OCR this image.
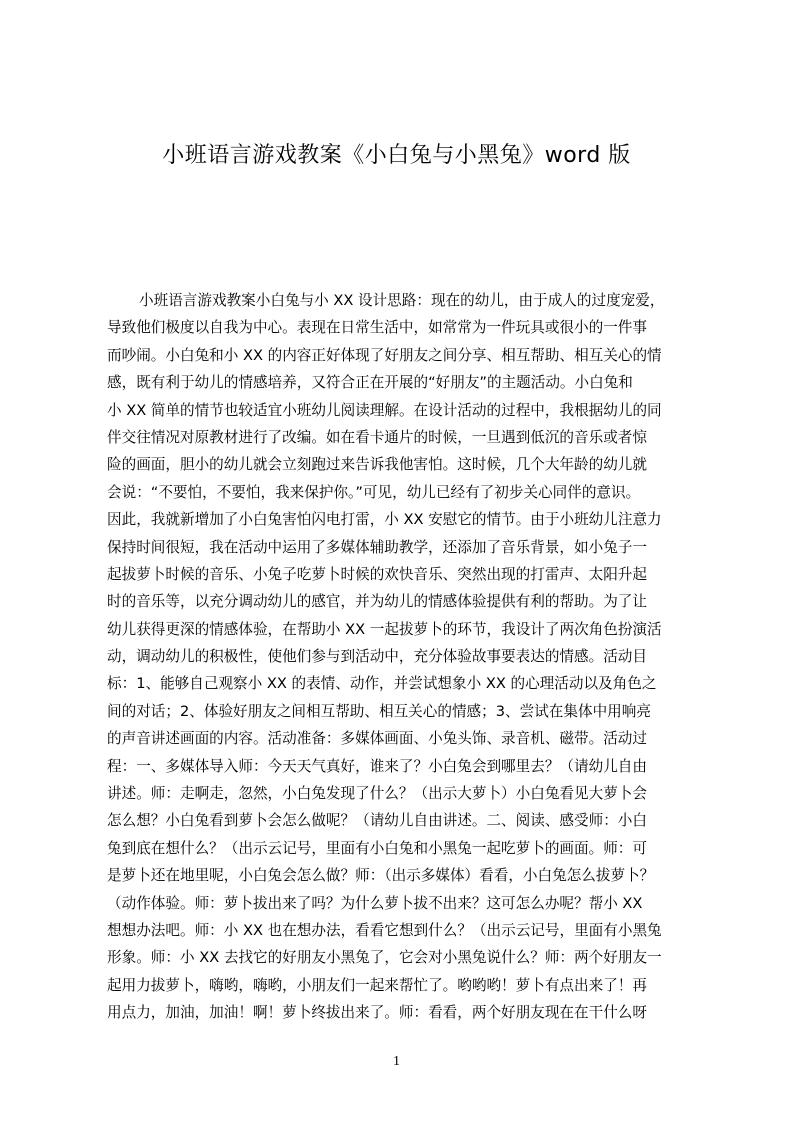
小班语言游戏教案《小白兔与小黑兔》word 版
小班语言游戏教案小白兔与小 XX 设计思路：现在的幼儿，由于成人的过度宠爱，
导致他们极度以自我为中心。表现在日常生活中，如常常为一件玩具或很小的一件事
而吵闹。小白兔和小 XX 的内容正好体现了好朋友之间分享、相互帮助、相互关心的情
感，既有利于幼儿的情感培养，又符合正在开展的“好朋友”的主题活动。小白兔和
小 XX 简单的情节也较适宜小班幼儿阅读理解。在设计活动的过程中，我根据幼儿的同
伴交往情况对原教材进行了改编。如在看卡通片的时候，一旦遇到低沉的音乐或者惊
险的画面，胆小的幼儿就会立刻跑过来告诉我他害怕。这时候，几个大年龄的幼儿就
会说：“不要怕，不要怕，我来保护你。”可见，幼儿已经有了初步关心同伴的意识。
因此，我就新增加了小白兔害怕闪电打雷，小 XX 安慰它的情节。由于小班幼儿注意力
保持时间很短，我在活动中运用了多媒体辅助教学，还添加了音乐背景，如小兔子一
起拔萝卜时候的音乐、小兔子吃萝卜时候的欢快音乐、突然出现的打雷声、太阳升起
时的音乐等，以充分调动幼儿的感官，并为幼儿的情感体验提供有利的帮助。为了让
幼儿获得更深的情感体验，在帮助小 XX 一起拔萝卜的环节，我设计了两次角色扮演活
动，调动幼儿的积极性，使他们参与到活动中，充分体验故事要表达的情感。活动目
标：1、能够自己观察小 XX 的表情、动作，并尝试想象小 XX 的心理活动以及角色之
间的对话；2、体验好朋友之间相互帮助、相互关心的情感；3、尝试在集体中用响亮
的声音讲述画面的内容。活动准备：多媒体画面、小兔头饰、录音机、磁带。活动过
程：一、多媒体导入师：今天天气真好，谁来了？小白兔会到哪里去？（请幼儿自由
讲述。师：走啊走，忽然，小白兔发现了什么？（出示大萝卜）小白兔看见大萝卜会
怎么想？小白兔看到萝卜会怎么做呢？（请幼儿自由讲述。二、阅读、感受师：小白
兔到底在想什么？（出示云记号，里面有小白兔和小黑兔一起吃萝卜的画面。师：可
是萝卜还在地里呢，小白兔会怎么做？师：（出示多媒体）看看，小白兔怎么拔萝卜？
（动作体验。师：萝卜拔出来了吗？为什么萝卜拔不出来？这可怎么办呢？帮小 XX
想想办法吧。师：小 XX 也在想办法，看看它想到什么？（出示云记号，里面有小黑兔
形象。师：小 XX 去找它的好朋友小黑兔了，它会对小黑兔说什么？师：两个好朋友一
起用力拔萝卜，嗨哟，嗨哟，小朋友们一起来帮忙了。哟哟哟！萝卜有点出来了！再
用点力，加油，加油！啊！萝卜终拔出来了。师：看看，两个好朋友现在在干什么呀
1
